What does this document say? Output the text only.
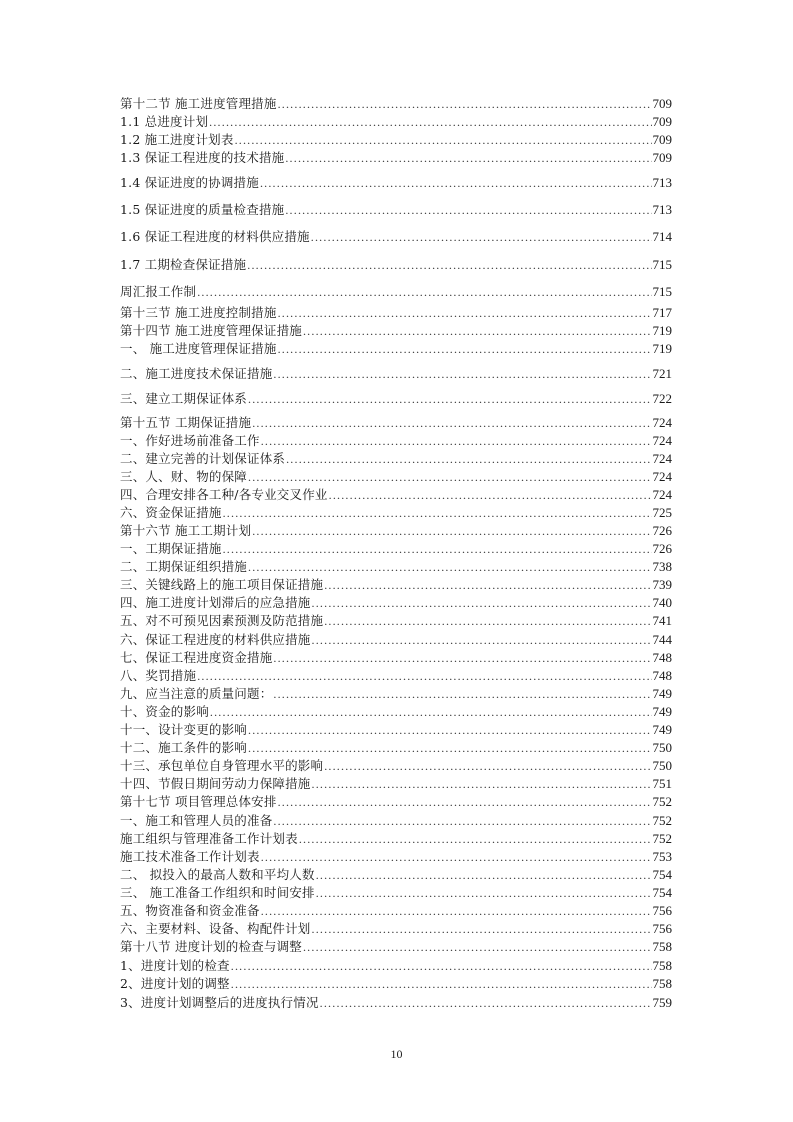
第十二节 施工进度管理措施 .....	709
1.1 总进度计划 .....	709
1.2 施工进度计划表 .....	709
1.3 保证工程进度的技术措施 .....	709
1.4 保证进度的协调措施 .....	713
1.5 保证进度的质量检查措施 .....	713
1.6 保证工程进度的材料供应措施 .....	714
1.7 工期检查保证措施 .....	715
周汇报工作制 .....	715
第十三节 施工进度控制措施 .....	717
第十四节 施工进度管理保证措施 .....	719
一、 施工进度管理保证措施 .....	719
二、施工进度技术保证措施 .....	721
三、建立工期保证体系 .....	722
第十五节 工期保证措施 .....	724
一、作好进场前准备工作 .....	724
二、建立完善的计划保证体系 .....	724
三、人、财、物的保障 .....	724
四、合理安排各工种/各专业交叉作业 .....	724
六、资金保证措施 .....	725
第十六节 施工工期计划 .....	726
一、工期保证措施 .....	726
二、工期保证组织措施 .....	738
三、关键线路上的施工项目保证措施 .....	739
四、施工进度计划滞后的应急措施 .....	740
五、对不可预见因素预测及防范措施 .....	741
六、保证工程进度的材料供应措施 .....	744
七、保证工程进度资金措施 .....	748
八、奖罚措施 .....	748
九、应当注意的质量问题： .....	749
十、资金的影响 .....	749
十一、设计变更的影响 .....	749
十二、施工条件的影响 .....	750
十三、承包单位自身管理水平的影响 .....	750
十四、节假日期间劳动力保障措施 .....	751
第十七节 项目管理总体安排 .....	752
一、施工和管理人员的准备 .....	752
施工组织与管理准备工作计划表 .....	752
施工技术准备工作计划表 .....	753
二、 拟投入的最高人数和平均人数 .....	754
三、 施工准备工作组织和时间安排 .....	754
五、物资准备和资金准备 .....	756
六、主要材料、设备、构配件计划 .....	756
第十八节 进度计划的检查与调整 .....	758
1、进度计划的检查 .....	758
2、进度计划的调整 .....	758
3、进度计划调整后的进度执行情况 .....	759
10
